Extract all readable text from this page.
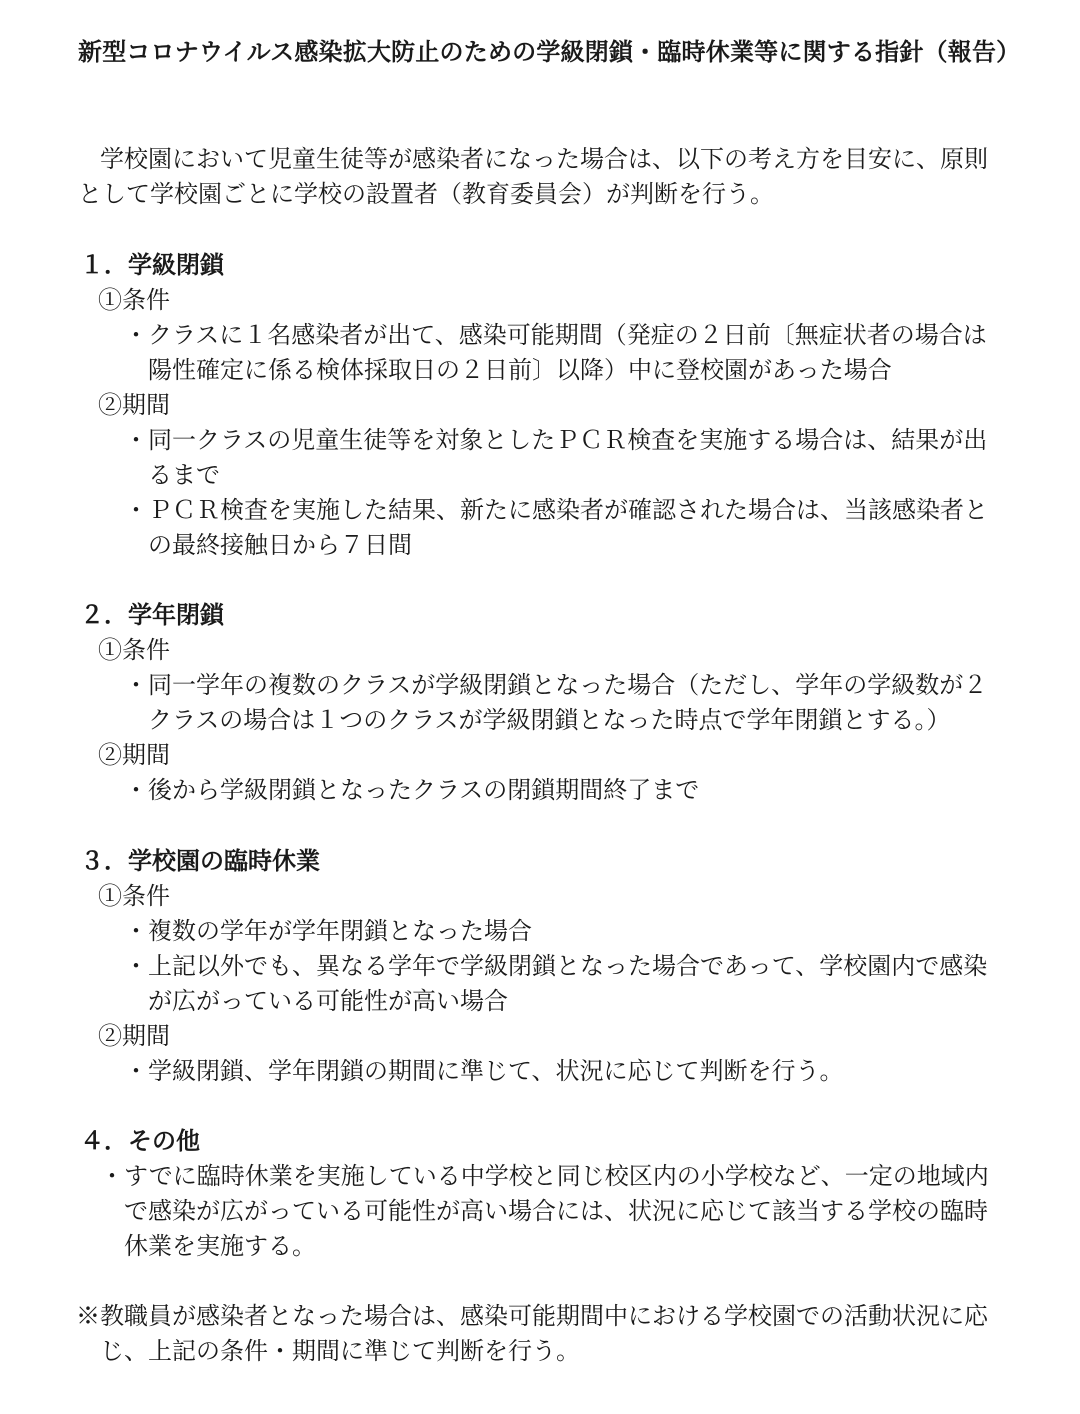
新型コロナウイルス感染拡大防止のための学級閉鎖・臨時休業等に関する指針（報告）
学校園において児童生徒等が感染者になった場合は、以下の考え方を目安に、原則
として学校園ごとに学校の設置者（教育委員会）が判断を行う。
１．学級閉鎖
①条件
・クラスに１名感染者が出て、感染可能期間（発症の２日前〔無症状者の場合は
陽性確定に係る検体採取日の２日前〕以降）中に登校園があった場合
②期間
・同一クラスの児童生徒等を対象としたＰＣＲ検査を実施する場合は、結果が出
るまで
・ＰＣＲ検査を実施した結果、新たに感染者が確認された場合は、当該感染者と
の最終接触日から７日間
２．学年閉鎖
①条件
・同一学年の複数のクラスが学級閉鎖となった場合（ただし、学年の学級数が２
クラスの場合は１つのクラスが学級閉鎖となった時点で学年閉鎖とする。）
②期間
・後から学級閉鎖となったクラスの閉鎖期間終了まで
３．学校園の臨時休業
①条件
・複数の学年が学年閉鎖となった場合
・上記以外でも、異なる学年で学級閉鎖となった場合であって、学校園内で感染
が広がっている可能性が高い場合
②期間
・学級閉鎖、学年閉鎖の期間に準じて、状況に応じて判断を行う。
４．その他
・すでに臨時休業を実施している中学校と同じ校区内の小学校など、一定の地域内
で感染が広がっている可能性が高い場合には、状況に応じて該当する学校の臨時
休業を実施する。
※教職員が感染者となった場合は、感染可能期間中における学校園での活動状況に応
じ、上記の条件・期間に準じて判断を行う。
